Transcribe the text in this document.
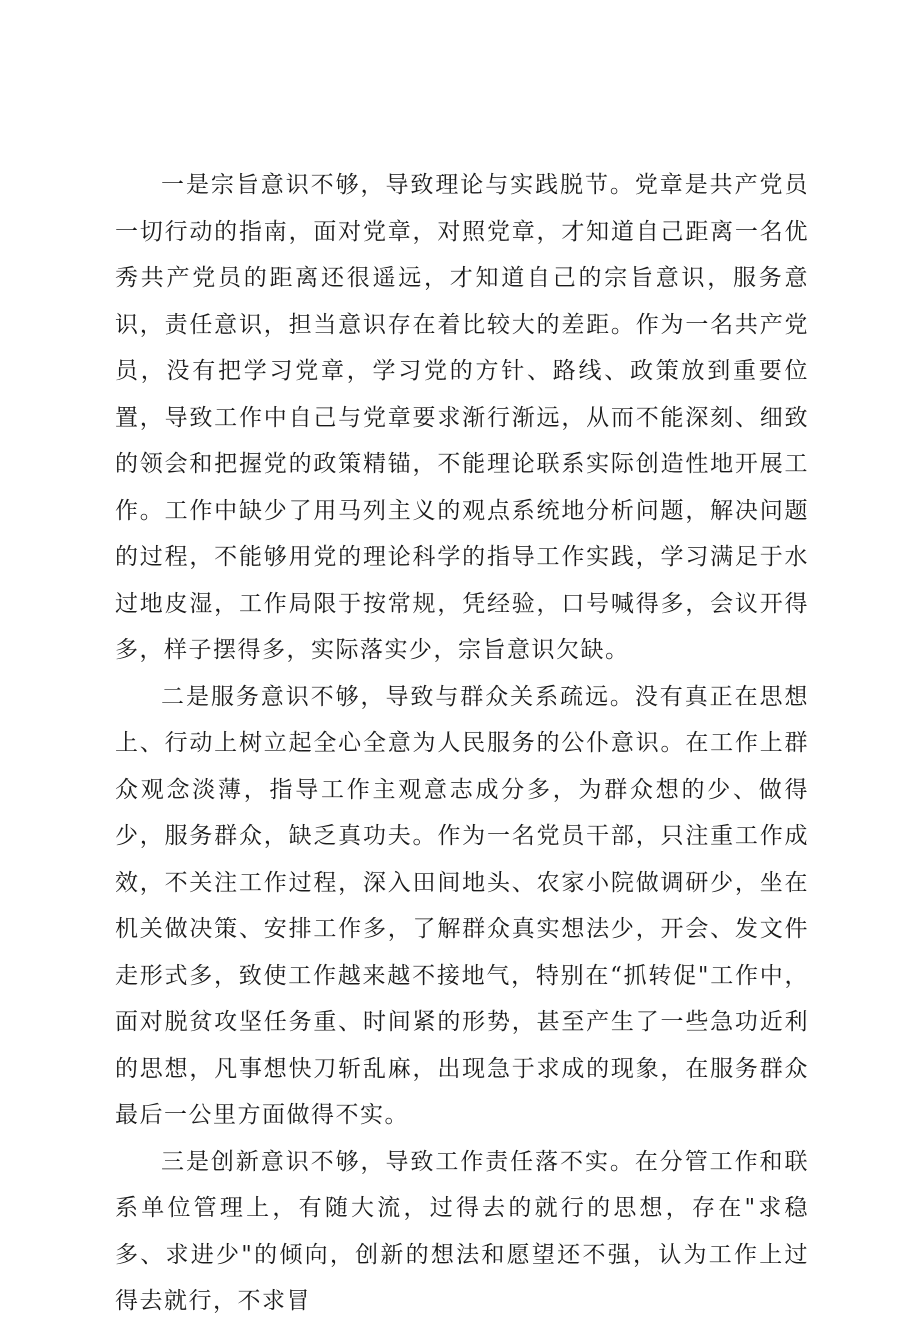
一是宗旨意识不够，导致理论与实践脱节。党章是共产党员一切行动的指南，面对党章，对照党章，才知道自己距离一名优秀共产党员的距离还很遥远，才知道自己的宗旨意识，服务意识，责任意识，担当意识存在着比较大的差距。作为一名共产党员，没有把学习党章，学习党的方针、路线、政策放到重要位置，导致工作中自己与党章要求渐行渐远，从而不能深刻、细致的领会和把握党的政策精锚，不能理论联系实际创造性地开展工作。工作中缺少了用马列主义的观点系统地分析问题，解决问题的过程，不能够用党的理论科学的指导工作实践，学习满足于水过地皮湿，工作局限于按常规，凭经验，口号喊得多，会议开得多，样子摆得多，实际落实少，宗旨意识欠缺。

二是服务意识不够，导致与群众关系疏远。没有真正在思想上、行动上树立起全心全意为人民服务的公仆意识。在工作上群众观念淡薄，指导工作主观意志成分多，为群众想的少、做得少，服务群众，缺乏真功夫。作为一名党员干部，只注重工作成效，不关注工作过程，深入田间地头、农家小院做调研少，坐在机关做决策、安排工作多，了解群众真实想法少，开会、发文件走形式多，致使工作越来越不接地气，特别在“抓转促"工作中，面对脱贫攻坚任务重、时间紧的形势，甚至产生了一些急功近利的思想，凡事想快刀斩乱麻，出现急于求成的现象，在服务群众最后一公里方面做得不实。

三是创新意识不够，导致工作责任落不实。在分管工作和联系单位管理上，有随大流，过得去的就行的思想，存在"求稳多、求进少"的倾向，创新的想法和愿望还不强，认为工作上过得去就行，不求冒
